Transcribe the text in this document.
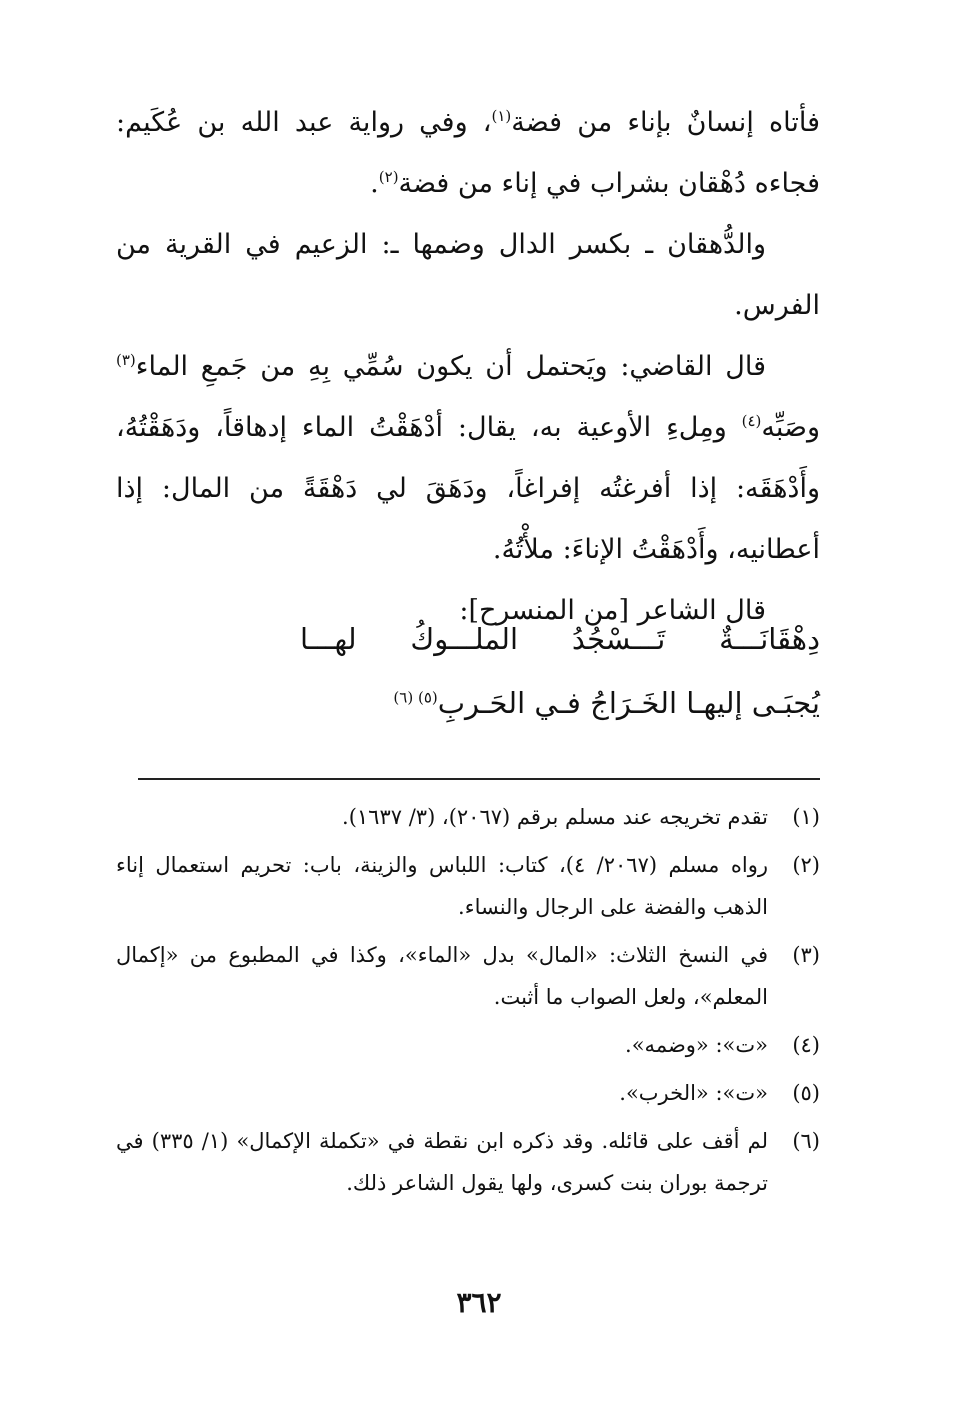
فأتاه إنسانٌ بإناء من فضة$^{(١)}$، وفي رواية عبد الله بن عُكَيم: فجاءه دُهْقان بشراب في إناء من فضة$^{(٢)}$.

والدُّهقان ـ بكسر الدال وضمها ـ: الزعيم في القرية من الفرس.

قال القاضي: ويَحتمل أن يكون سُمِّي بِهِ من جَمعِ الماء$^{(٣)}$ وصَبِّه$^{(٤)}$ ومِلءِ الأوعية به، يقال: أدْهَقْتُ الماء إدهاقاً، ودَهَقْتُهُ، وأَدْهَقَه: إذا أفرغتُه إفراغاً، ودَهَقَ لي دَهْقَةً من المال: إذا أعطانيه، وأَدْهَقْتُ الإناءَ: ملأْتُهُ.

قال الشاعر [من المنسرح]:

دِهْقَانَـــةٌ تَـــسْجُدُ الملـــوكُ لهـــا
يُجبَـى إليهـا الخَـرَاجُ فـي الحَـربِ$^{(٥) (٦)}$
(١)
تقدم تخريجه عند مسلم برقم (٢٠٦٧)، (٣/ ١٦٣٧).
(٢)
رواه مسلم (٢٠٦٧/ ٤)، كتاب: اللباس والزينة، باب: تحريم استعمال إناء الذهب والفضة على الرجال والنساء.
(٣)
في النسخ الثلاث: «المال» بدل «الماء»، وكذا في المطبوع من «إكمال المعلم»، ولعل الصواب ما أثبت.
(٤)
«ت»: «وضمه».
(٥)
«ت»: «الخرب».
(٦)
لم أقف على قائله. وقد ذكره ابن نقطة في «تكملة الإكمال» (١/ ٣٣٥) في ترجمة بوران بنت كسرى، ولها يقول الشاعر ذلك.
٣٦٢
